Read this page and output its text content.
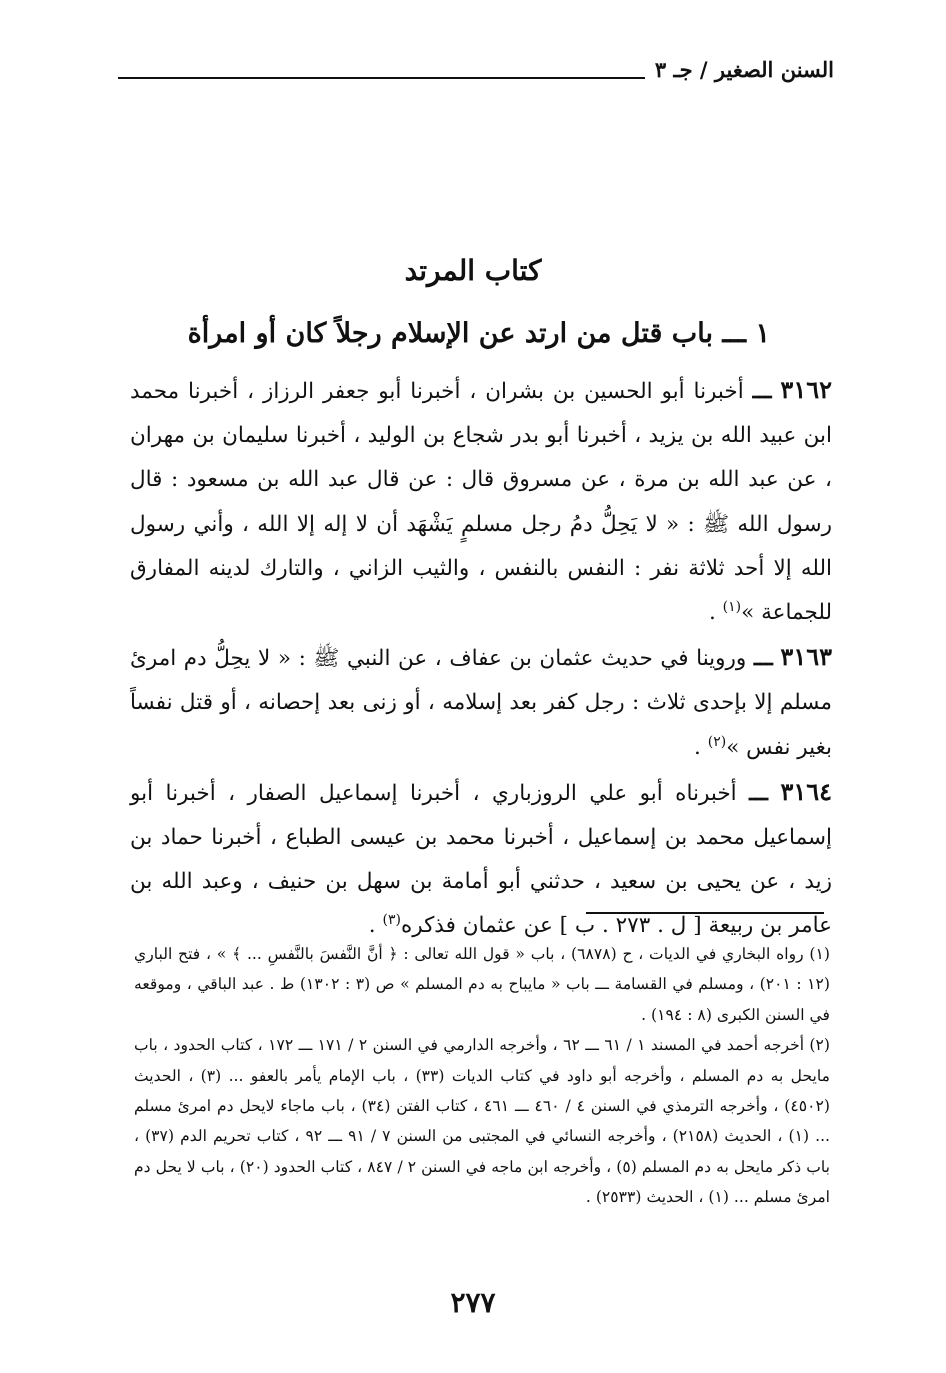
السنن الصغير / جـ ٣
كتاب المرتد
١ ـــ باب قتل من ارتد عن الإسلام رجلاً كان أو امرأة

٣١٦٢ ـــ أخبرنا أبو الحسين بن بشران ، أخبرنا أبو جعفر الرزاز ، أخبرنا محمد ابن عبيد الله بن يزيد ، أخبرنا أبو بدر شجاع بن الوليد ، أخبرنا سليمان بن مهران ، عن عبد الله بن مرة ، عن مسروق قال : عن قال عبد الله بن مسعود : قال رسول الله ﷺ : « لا يَحِلُّ دمُ رجل مسلمٍ يَشْهَد أن لا إله إلا الله ، وأني رسول الله إلا أحد ثلاثة نفر : النفس بالنفس ، والثيب الزاني ، والتارك لدينه المفارق للجماعة »$^{(١)}$ .

٣١٦٣ ـــ وروينا في حديث عثمان بن عفاف ، عن النبي ﷺ : « لا يحِلُّ دم امرئ مسلم إلا بإحدى ثلاث : رجل كفر بعد إسلامه ، أو زنى بعد إحصانه ، أو قتل نفساً بغير نفس »$^{(٢)}$ .

٣١٦٤ ـــ أخبرناه أبو علي الروزباري ، أخبرنا إسماعيل الصفار ، أخبرنا أبو إسماعيل محمد بن إسماعيل ، أخبرنا محمد بن عيسى الطباع ، أخبرنا حماد بن زيد ، عن يحيى بن سعيد ، حدثني أبو أمامة بن سهل بن حنيف ، وعبد الله بن عامر بن ربيعة [ ل . ٢٧٣ . ب ] عن عثمان فذكره$^{(٣)}$ .

(١) رواه البخاري في الديات ، ح (٦٨٧٨) ، باب « قول الله تعالى : ﴿ أنَّ النَّفسَ بالنَّفسِ ... ﴾ » ، فتح الباري (١٢ : ٢٠١) ، ومسلم في القسامة ـــ باب « مايباح به دم المسلم » ص (٣ : ١٣٠٢) ط . عبد الباقي ، وموقعه في السنن الكبرى (٨ : ١٩٤) .

(٢) أخرجه أحمد في المسند ١ / ٦١ ـــ ٦٢ ، وأخرجه الدارمي في السنن ٢ / ١٧١ ـــ ١٧٢ ، كتاب الحدود ، باب مايحل به دم المسلم ، وأخرجه أبو داود في كتاب الديات (٣٣) ، باب الإمام يأمر بالعفو ... (٣) ، الحديث (٤٥٠٢) ، وأخرجه الترمذي في السنن ٤ / ٤٦٠ ـــ ٤٦١ ، كتاب الفتن (٣٤) ، باب ماجاء لايحل دم امرئ مسلم ... (١) ، الحديث (٢١٥٨) ، وأخرجه النسائي في المجتبى من السنن ٧ / ٩١ ـــ ٩٢ ، كتاب تحريم الدم (٣٧) ، باب ذكر مايحل به دم المسلم (٥) ، وأخرجه ابن ماجه في السنن ٢ / ٨٤٧ ، كتاب الحدود (٢٠) ، باب لا يحل دم امرئ مسلم ... (١) ، الحديث (٢٥٣٣) .

٢٧٧
